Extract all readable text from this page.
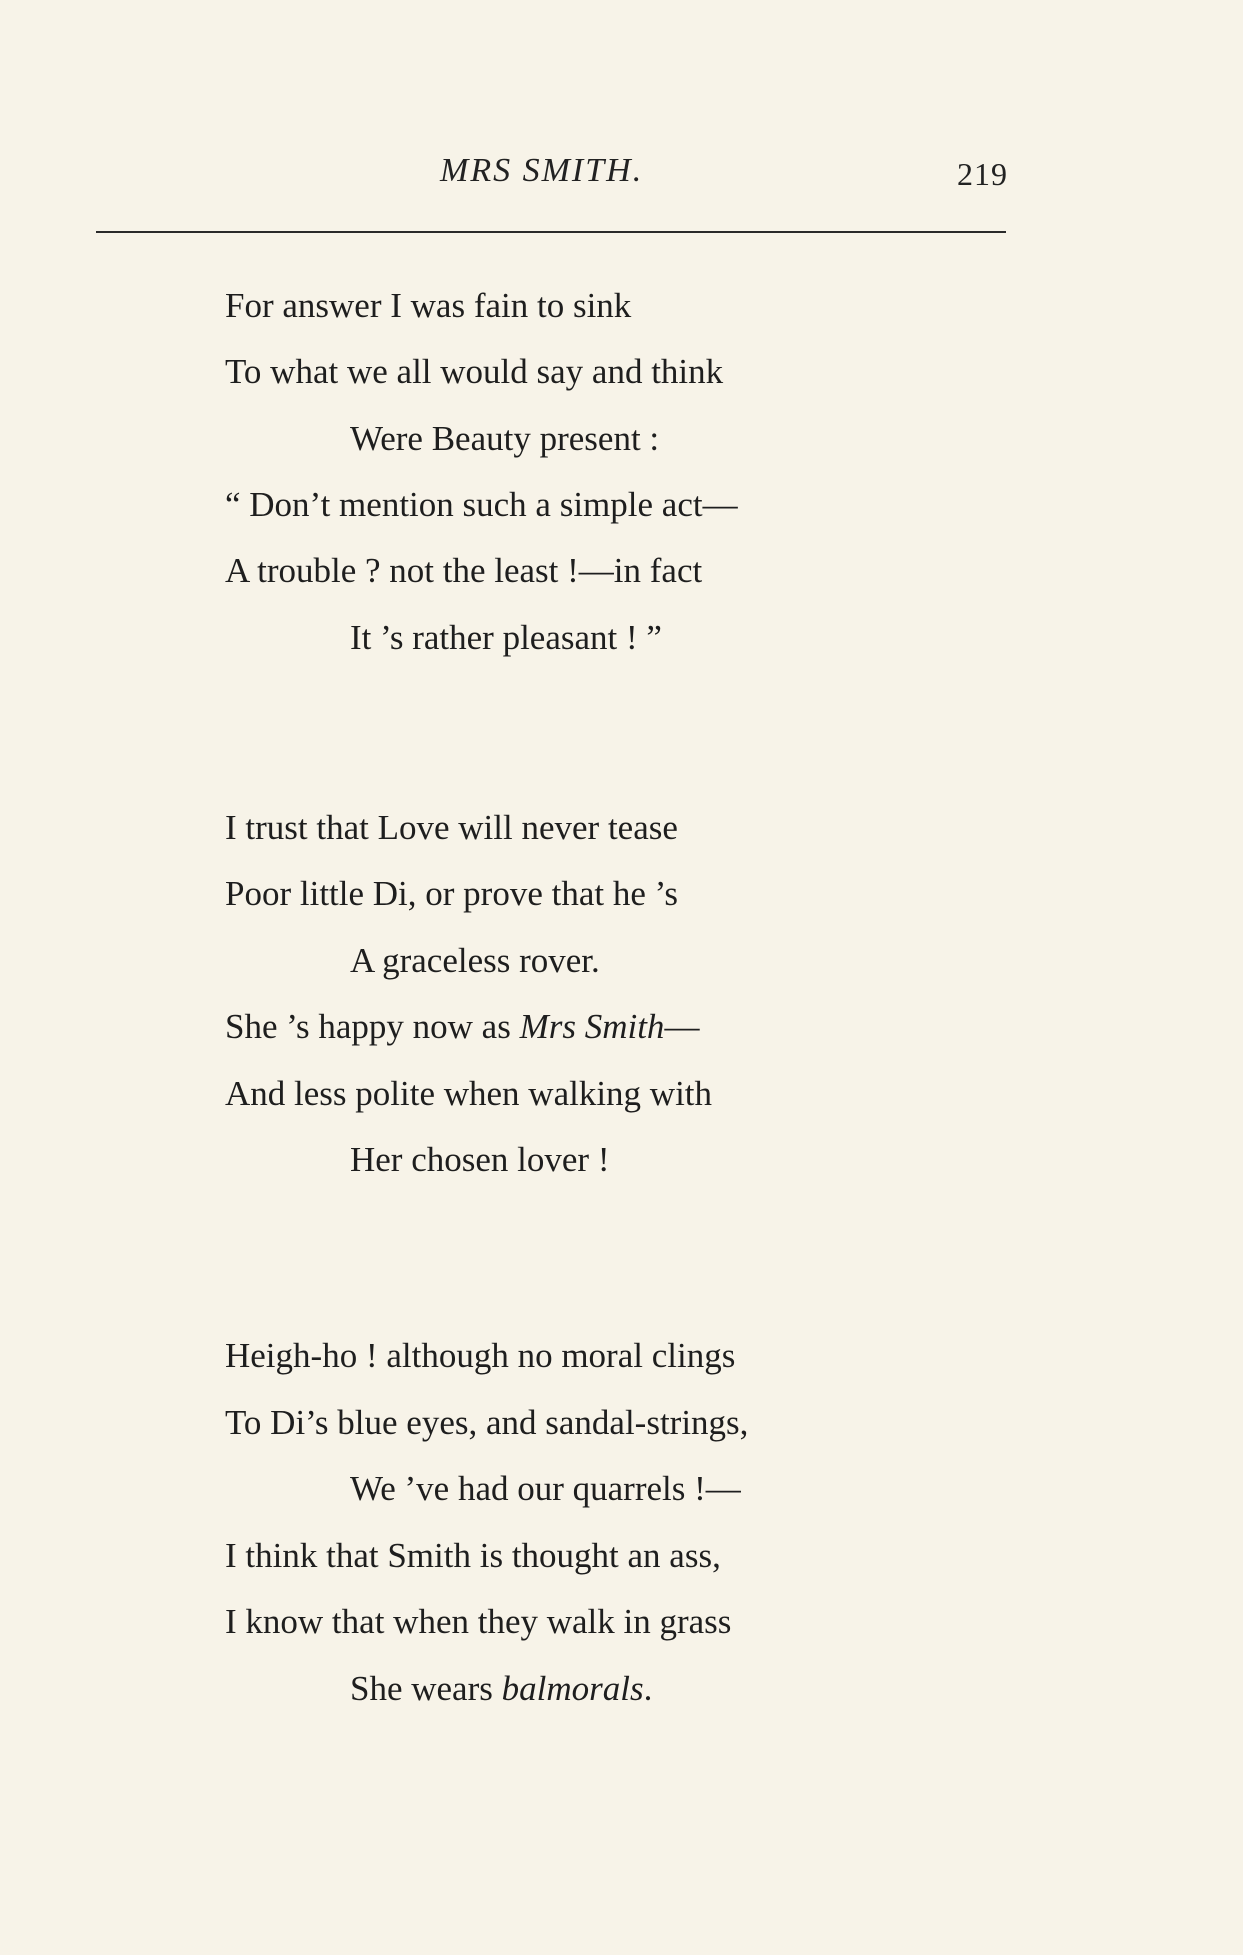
MRS SMITH.	219
For answer I was fain to sink
To what we all would say and think
Were Beauty present :
“ Don’t mention such a simple act—
A trouble ? not the least !—in fact
It ’s rather pleasant ! ”
I trust that Love will never tease
Poor little Di, or prove that he ’s
A graceless rover.
She ’s happy now as Mrs Smith—
And less polite when walking with
Her chosen lover !
Heigh-ho ! although no moral clings
To Di’s blue eyes, and sandal-strings,
We ’ve had our quarrels !—
I think that Smith is thought an ass,
I know that when they walk in grass
She wears balmorals.
